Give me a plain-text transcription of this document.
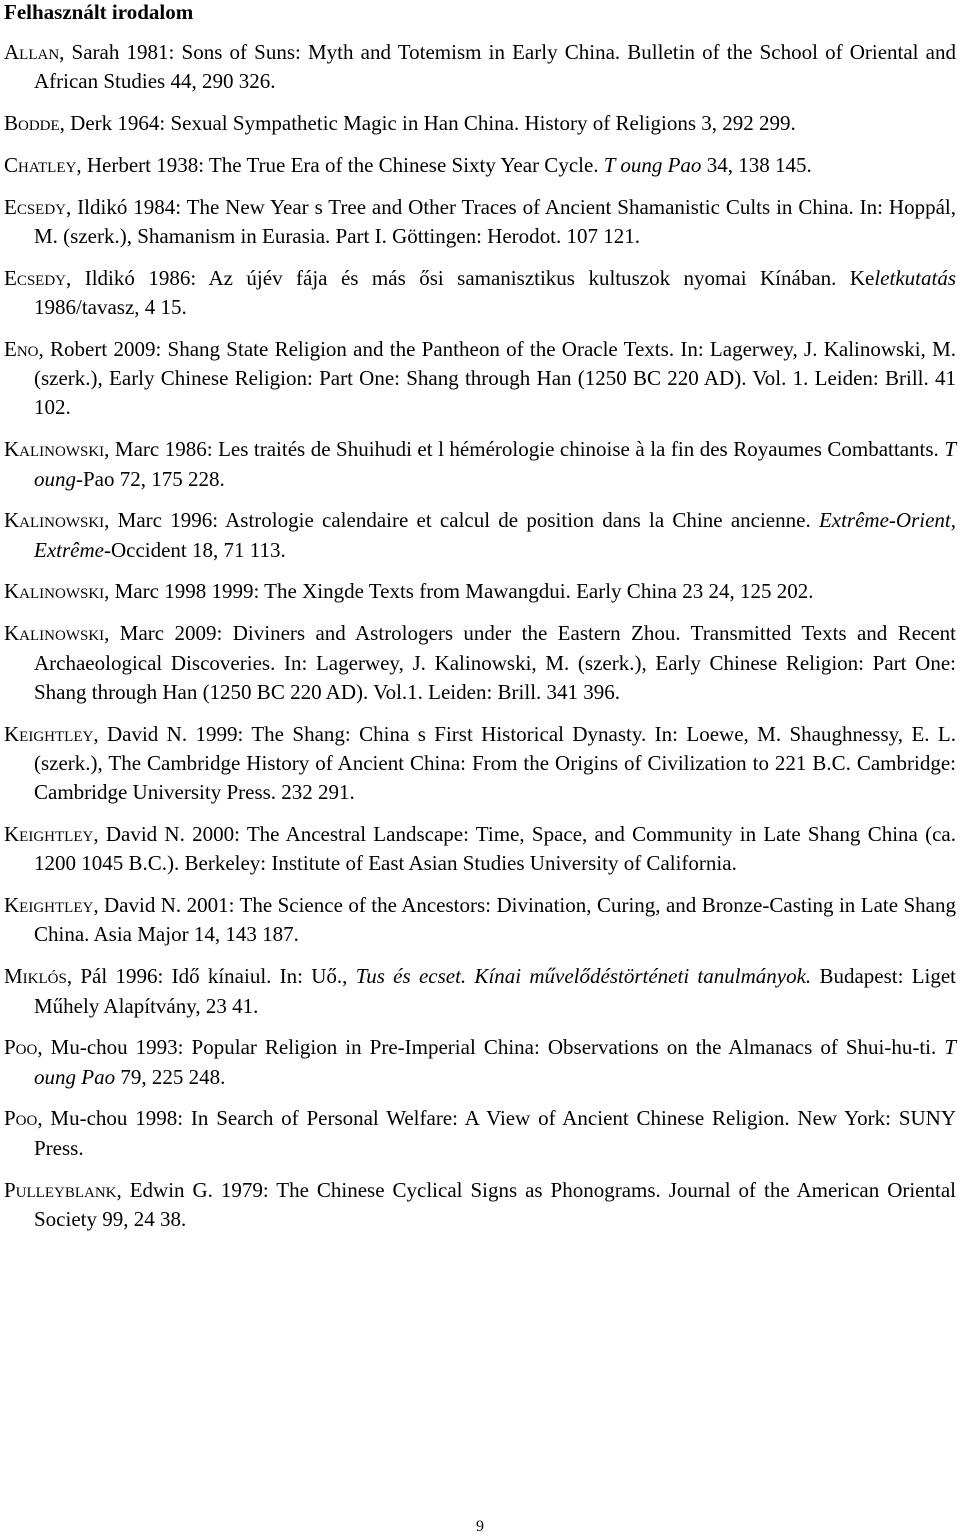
Felhasznált irodalom

Allan, Sarah 1981: Sons of Suns: Myth and Totemism in Early China. Bulletin of the School of Oriental and African Studies 44, 290 326.

Bodde, Derk 1964: Sexual Sympathetic Magic in Han China. History of Religions 3, 292 299.

Chatley, Herbert 1938: The True Era of the Chinese Sixty Year Cycle. T oung Pao 34, 138 145.

Ecsedy, Ildikó 1984: The New Year s Tree and Other Traces of Ancient Shamanistic Cults in China. In: Hoppál, M. (szerk.), Shamanism in Eurasia. Part I. Göttingen: Herodot. 107 121.

Ecsedy, Ildikó 1986: Az újév fája és más ősi samanisztikus kultuszok nyomai Kínában. Keletkutatás 1986/tavasz, 4 15.

Eno, Robert 2009: Shang State Religion and the Pantheon of the Oracle Texts. In: Lagerwey, J. Kalinowski, M. (szerk.), Early Chinese Religion: Part One: Shang through Han (1250 BC 220 AD). Vol. 1. Leiden: Brill. 41 102.

Kalinowski, Marc 1986: Les traités de Shuihudi et l hémérologie chinoise à la fin des Royaumes Combattants. T oung-Pao 72, 175 228.

Kalinowski, Marc 1996: Astrologie calendaire et calcul de position dans la Chine ancienne. Extrême-Orient, Extrême-Occident 18, 71 113.

Kalinowski, Marc 1998 1999: The Xingde Texts from Mawangdui. Early China 23 24, 125 202.

Kalinowski, Marc 2009: Diviners and Astrologers under the Eastern Zhou. Transmitted Texts and Recent Archaeological Discoveries. In: Lagerwey, J. Kalinowski, M. (szerk.), Early Chinese Religion: Part One: Shang through Han (1250 BC 220 AD). Vol.1. Leiden: Brill. 341 396.

Keightley, David N. 1999: The Shang: China s First Historical Dynasty. In: Loewe, M. Shaughnessy, E. L. (szerk.), The Cambridge History of Ancient China: From the Origins of Civilization to 221 B.C. Cambridge: Cambridge University Press. 232 291.

Keightley, David N. 2000: The Ancestral Landscape: Time, Space, and Community in Late Shang China (ca. 1200 1045 B.C.). Berkeley: Institute of East Asian Studies University of California.

Keightley, David N. 2001: The Science of the Ancestors: Divination, Curing, and Bronze-Casting in Late Shang China. Asia Major 14, 143 187.

Miklós, Pál 1996: Idő kínaiul. In: Uő., Tus és ecset. Kínai művelődéstörténeti tanulmányok. Budapest: Liget Műhely Alapítvány, 23 41.

Poo, Mu-chou 1993: Popular Religion in Pre-Imperial China: Observations on the Almanacs of Shui-hu-ti. T oung Pao 79, 225 248.

Poo, Mu-chou 1998: In Search of Personal Welfare: A View of Ancient Chinese Religion. New York: SUNY Press.

Pulleyblank, Edwin G. 1979: The Chinese Cyclical Signs as Phonograms. Journal of the American Oriental Society 99, 24 38.

9
